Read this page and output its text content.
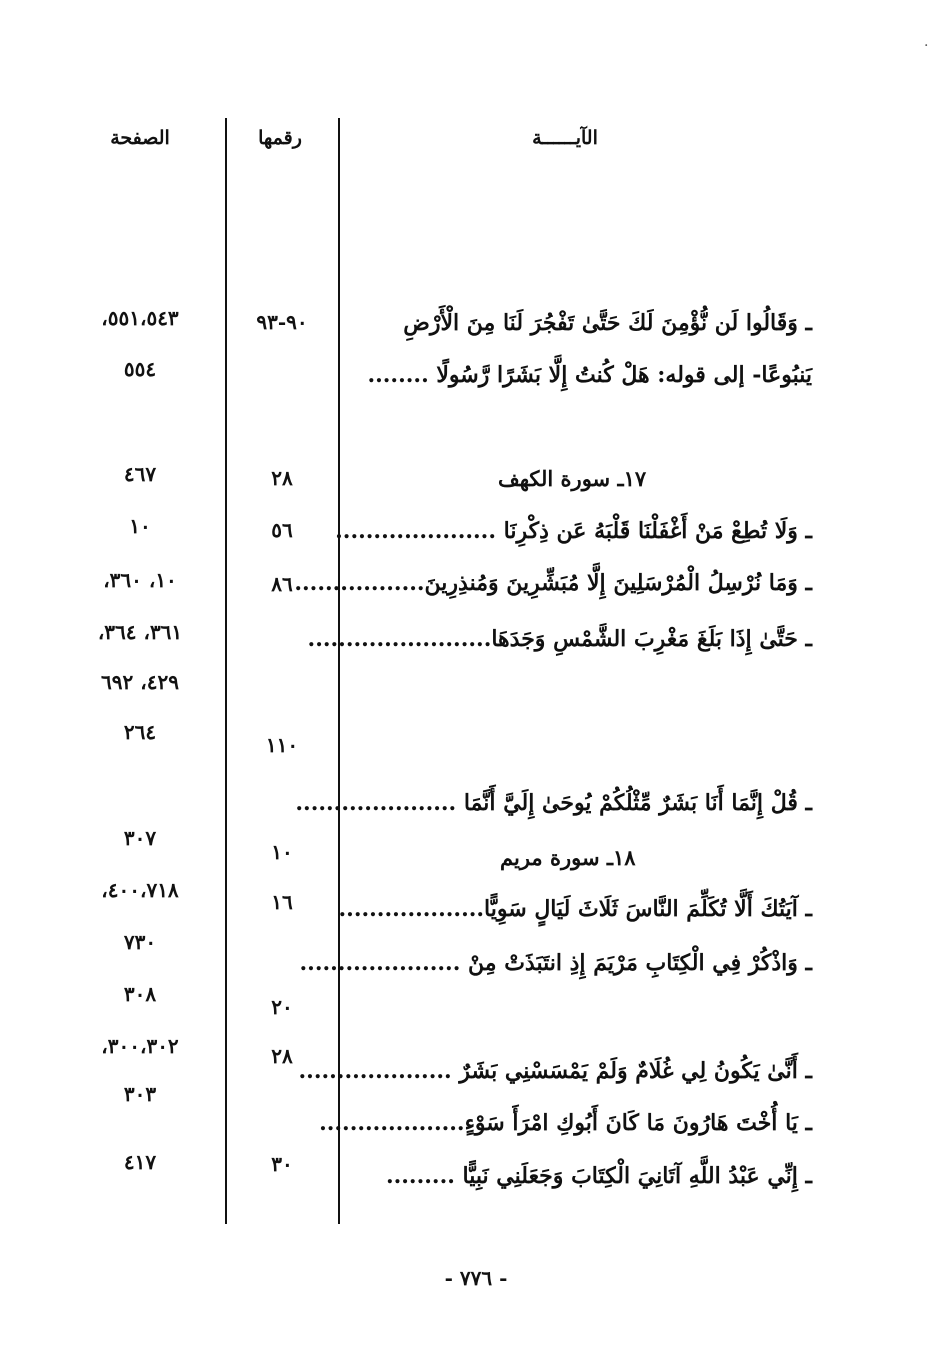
·
الآيــــــة
رقمها
الصفحة
ـ وَقَالُوا لَن نُّؤْمِنَ لَكَ حَتَّىٰ تَفْجُرَ لَنَا مِنَ الْأَرْضِ
٩٠-٩٣
٥٥١،٥٤٣،
يَنبُوعًا- إلى قوله: هَلْ كُنتُ إِلَّا بَشَرًا رَّسُولًا ........
٥٥٤
١٧ـ سورة الكهف
٢٨
٤٦٧
ـ وَلَا تُطِعْ مَنْ أَغْفَلْنَا قَلْبَهُ عَن ذِكْرِنَا .....................
٥٦
١٠
ـ وَمَا نُرْسِلُ الْمُرْسَلِينَ إِلَّا مُبَشِّرِينَ وَمُنذِرِينَ.................
٨٦
١٠، ٣٦٠،
ـ حَتَّىٰ إِذَا بَلَغَ مَغْرِبَ الشَّمْسِ وَجَدَهَا........................
٣٦١، ٣٦٤،
٤٢٩، ٦٩٢
١١٠
٢٦٤
ـ قُلْ إِنَّمَا أَنَا بَشَرٌ مِّثْلُكُمْ يُوحَىٰ إِلَيَّ أَنَّمَا .....................
١٨ـ سورة مريم
١٠
٣٠٧
ـ آيَتُكَ أَلَّا تُكَلِّمَ النَّاسَ ثَلَاثَ لَيَالٍ سَوِيًّا...................
١٦
٤٠٠،٧١٨،
ـ وَاذْكُرْ فِي الْكِتَابِ مَرْيَمَ إِذِ انتَبَذَتْ مِنْ .....................
٧٣٠
٢٠
٣٠٨
ـ أَنَّىٰ يَكُونُ لِي غُلَامٌ وَلَمْ يَمْسَسْنِي بَشَرٌ ....................
٢٨
٣٠٠،٣٠٢،
ـ يَا أُخْتَ هَارُونَ مَا كَانَ أَبُوكِ امْرَأَ سَوْءٍ...................
٣٠٣
ـ إِنِّي عَبْدُ اللَّهِ آتَانِيَ الْكِتَابَ وَجَعَلَنِي نَبِيًّا .........
٣٠
٤١٧
- ٧٧٦ -
